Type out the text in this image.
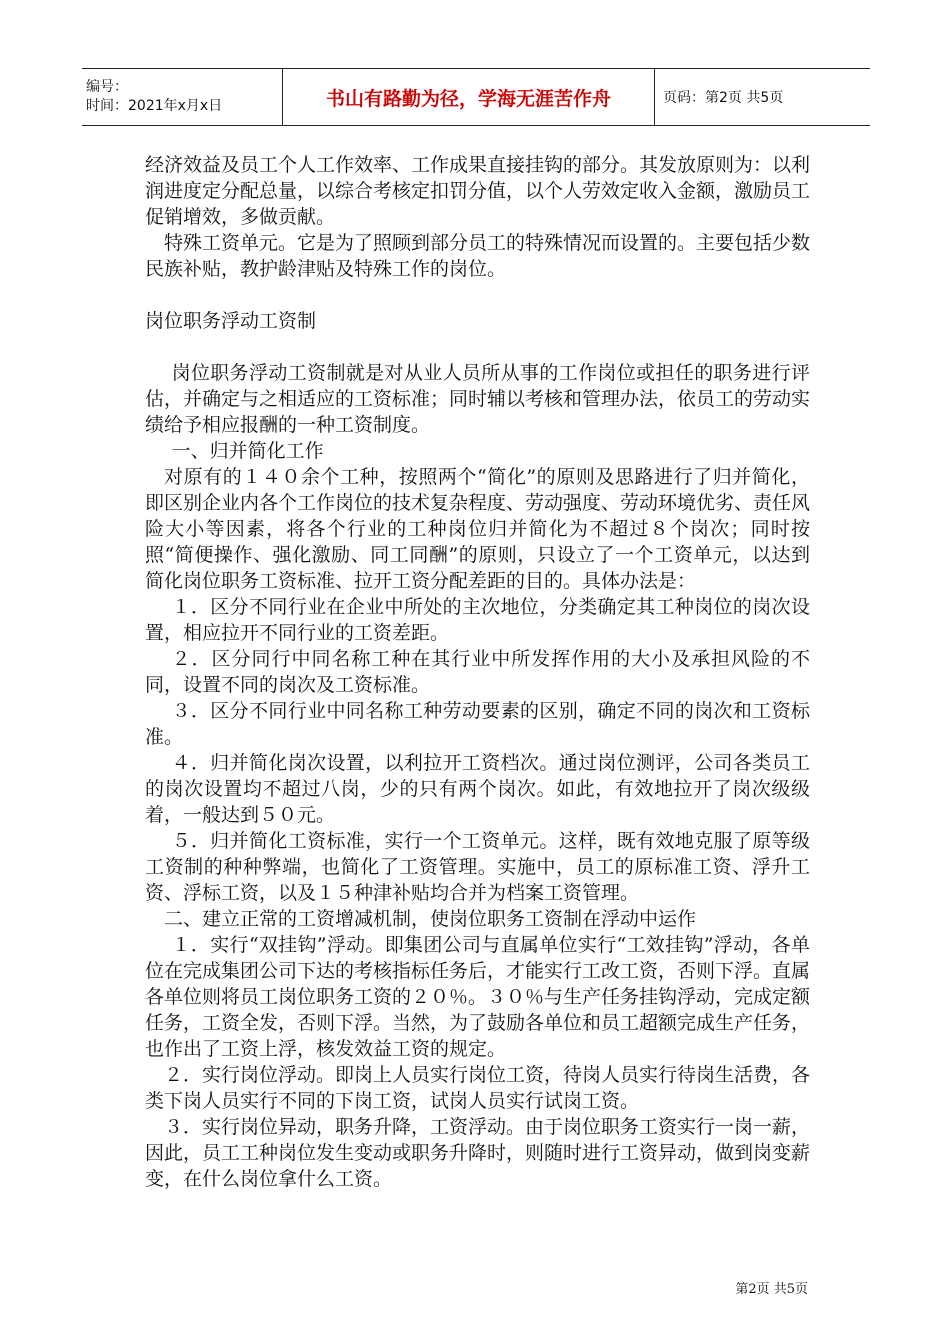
编号：
时间：2021年x月x日	书山有路勤为径，学海无涯苦作舟	页码：第2页 共5页

经济效益及员工个人工作效率、工作成果直接挂钩的部分。其发放原则为：以利润进度定分配总量，以综合考核定扣罚分值，以个人劳效定收入金额，激励员工促销增效，多做贡献。

特殊工资单元。它是为了照顾到部分员工的特殊情况而设置的。主要包括少数民族补贴，教护龄津贴及特殊工作的岗位。

岗位职务浮动工资制

岗位职务浮动工资制就是对从业人员所从事的工作岗位或担任的职务进行评估，并确定与之相适应的工资标准；同时辅以考核和管理办法，依员工的劳动实绩给予相应报酬的一种工资制度。

一、归并简化工作

对原有的１４０余个工种，按照两个“简化”的原则及思路进行了归并简化，即区别企业内各个工作岗位的技术复杂程度、劳动强度、劳动环境优劣、责任风险大小等因素，将各个行业的工种岗位归并简化为不超过８个岗次；同时按照“简便操作、强化激励、同工同酬”的原则，只设立了一个工资单元，以达到简化岗位职务工资标准、拉开工资分配差距的目的。具体办法是：

１．区分不同行业在企业中所处的主次地位，分类确定其工种岗位的岗次设置，相应拉开不同行业的工资差距。

２．区分同行中同名称工种在其行业中所发挥作用的大小及承担风险的不同，设置不同的岗次及工资标准。

３．区分不同行业中同名称工种劳动要素的区别，确定不同的岗次和工资标准。

４．归并简化岗次设置，以利拉开工资档次。通过岗位测评，公司各类员工的岗次设置均不超过八岗，少的只有两个岗次。如此，有效地拉开了岗次级级着，一般达到５０元。

５．归并简化工资标准，实行一个工资单元。这样，既有效地克服了原等级工资制的种种弊端，也简化了工资管理。实施中，员工的原标准工资、浮升工资、浮标工资，以及１５种津补贴均合并为档案工资管理。

二、建立正常的工资增减机制，使岗位职务工资制在浮动中运作

１．实行“双挂钩”浮动。即集团公司与直属单位实行“工效挂钩”浮动，各单位在完成集团公司下达的考核指标任务后，才能实行工改工资，否则下浮。直属各单位则将员工岗位职务工资的２０％。３０％与生产任务挂钩浮动，完成定额任务，工资全发，否则下浮。当然，为了鼓励各单位和员工超额完成生产任务，也作出了工资上浮，核发效益工资的规定。

２．实行岗位浮动。即岗上人员实行岗位工资，待岗人员实行待岗生活费，各类下岗人员实行不同的下岗工资，试岗人员实行试岗工资。

３．实行岗位异动，职务升降，工资浮动。由于岗位职务工资实行一岗一薪，因此，员工工种岗位发生变动或职务升降时，则随时进行工资异动，做到岗变薪变，在什么岗位拿什么工资。

第2页 共5页
